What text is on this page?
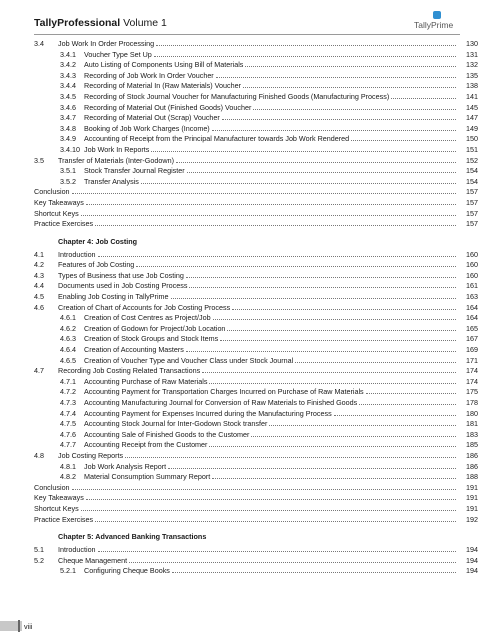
TallyProfessional Volume 1	TallyPrime
3.4	Job Work In Order Processing	130
3.4.1	Voucher Type Set Up	131
3.4.2	Auto Listing of Components Using Bill of Materials	132
3.4.3	Recording of Job Work In Order Voucher	135
3.4.4	Recording of Material In (Raw Materials) Voucher	138
3.4.5	Recording of Stock Journal Voucher for Manufacturing Finished Goods (Manufacturing Process)	141
3.4.6	Recording of Material Out (Finished Goods) Voucher	145
3.4.7	Recording of Material Out (Scrap) Voucher	147
3.4.8	Booking of Job Work Charges (Income)	149
3.4.9	Accounting of Receipt from the Principal Manufacturer towards Job Work Rendered	150
3.4.10 Job Work In Reports	151
3.5	Transfer of Materials (Inter-Godown)	152
3.5.1	Stock Transfer Journal Register	154
3.5.2	Transfer Analysis	154
Conclusion	157
Key Takeaways	157
Shortcut Keys	157
Practice Exercises	157
Chapter 4: Job Costing
4.1	Introduction	160
4.2	Features of Job Costing	160
4.3	Types of Business that use Job Costing	160
4.4	Documents used in Job Costing Process	161
4.5	Enabling Job Costing in TallyPrime	163
4.6	Creation of Chart of Accounts for Job Costing Process	164
4.6.1	Creation of Cost Centres as Project/Job	164
4.6.2	Creation of Godown for Project/Job Location	165
4.6.3	Creation of Stock Groups and Stock Items	167
4.6.4	Creation of Accounting Masters	169
4.6.5	Creation of Voucher Type and Voucher Class under Stock Journal	171
4.7	Recording Job Costing Related Transactions	174
4.7.1	Accounting Purchase of Raw Materials	174
4.7.2	Accounting Payment for Transportation Charges Incurred on Purchase of Raw Materials	175
4.7.3	Accounting Manufacturing Journal for Conversion of Raw Materials to Finished Goods	178
4.7.4	Accounting Payment for Expenses Incurred during the Manufacturing Process	180
4.7.5	Accounting Stock Journal for Inter-Godown Stock transfer	181
4.7.6	Accounting Sale of Finished Goods to the Customer	183
4.7.7	Accounting Receipt from the Customer	185
4.8	Job Costing Reports	186
4.8.1	Job Work Analysis Report	186
4.8.2	Material Consumption Summary Report	188
Conclusion	191
Key Takeaways	191
Shortcut Keys	191
Practice Exercises	192
Chapter 5: Advanced Banking Transactions
5.1	Introduction	194
5.2	Cheque Management	194
5.2.1	Configuring Cheque Books	194
viii
